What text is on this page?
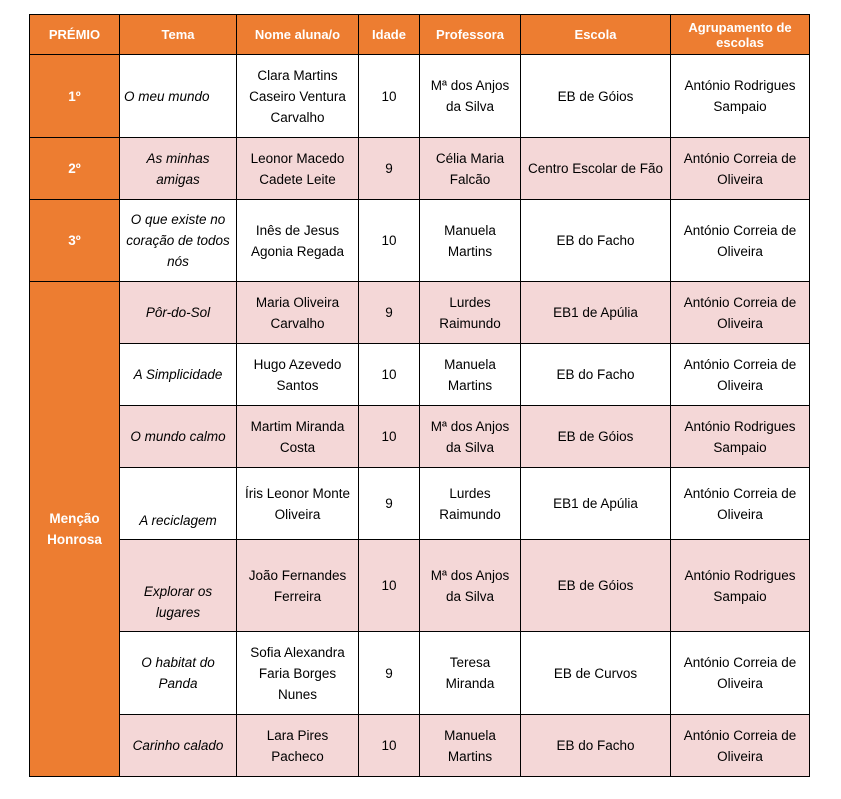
PRÉMIO	Tema	Nome aluna/o	Idade	Professora	Escola	Agrupamento de escolas
1º	O meu mundo	Clara Martins Caseiro Ventura Carvalho	10	Mª dos Anjos da Silva	EB de Góios	António Rodrigues Sampaio
2º	As minhas amigas	Leonor Macedo Cadete Leite	9	Célia Maria Falcão	Centro Escolar de Fão	António Correia de Oliveira
3º	O que existe no coração de todos nós	Inês de Jesus Agonia Regada	10	Manuela Martins	EB do Facho	António Correia de Oliveira
Menção Honrosa	Pôr-do-Sol	Maria Oliveira Carvalho	9	Lurdes Raimundo	EB1 de Apúlia	António Correia de Oliveira
	A Simplicidade	Hugo Azevedo Santos	10	Manuela Martins	EB do Facho	António Correia de Oliveira
	O mundo calmo	Martim Miranda Costa	10	Mª dos Anjos da Silva	EB de Góios	António Rodrigues Sampaio
	A reciclagem	Íris Leonor Monte Oliveira	9	Lurdes Raimundo	EB1 de Apúlia	António Correia de Oliveira
	Explorar os lugares	João Fernandes Ferreira	10	Mª dos Anjos da Silva	EB de Góios	António Rodrigues Sampaio
	O habitat do Panda	Sofia Alexandra Faria Borges Nunes	9	Teresa Miranda	EB de Curvos	António Correia de Oliveira
	Carinho calado	Lara Pires Pacheco	10	Manuela Martins	EB do Facho	António Correia de Oliveira
